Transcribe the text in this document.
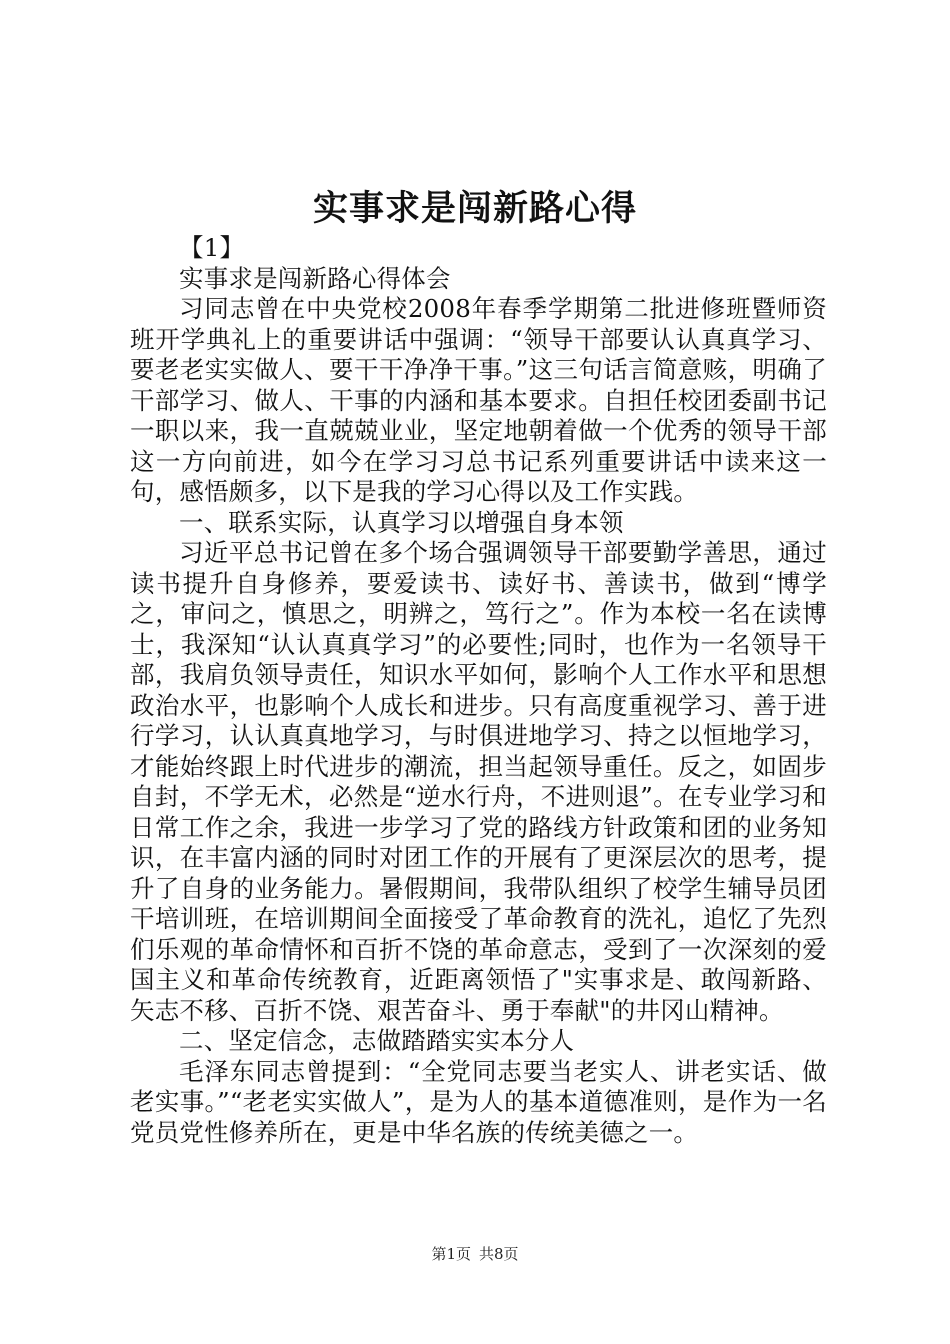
实事求是闯新路心得

【1】

实事求是闯新路心得体会

习同志曾在中央党校2008年春季学期第二批进修班暨师资班开学典礼上的重要讲话中强调：“领导干部要认认真真学习、要老老实实做人、要干干净净干事。”这三句话言简意赅，明确了干部学习、做人、干事的内涵和基本要求。自担任校团委副书记一职以来，我一直兢兢业业，坚定地朝着做一个优秀的领导干部这一方向前进，如今在学习习总书记系列重要讲话中读来这一句，感悟颇多，以下是我的学习心得以及工作实践。

一、联系实际，认真学习以增强自身本领

习近平总书记曾在多个场合强调领导干部要勤学善思，通过读书提升自身修养，要爱读书、读好书、善读书，做到“博学之，审问之，慎思之，明辨之，笃行之”。作为本校一名在读博士，我深知“认认真真学习”的必要性;同时，也作为一名领导干部，我肩负领导责任，知识水平如何，影响个人工作水平和思想政治水平，也影响个人成长和进步。只有高度重视学习、善于进行学习，认认真真地学习，与时俱进地学习、持之以恒地学习，才能始终跟上时代进步的潮流，担当起领导重任。反之，如固步自封，不学无术，必然是“逆水行舟，不进则退”。在专业学习和日常工作之余，我进一步学习了党的路线方针政策和团的业务知识，在丰富内涵的同时对团工作的开展有了更深层次的思考，提升了自身的业务能力。暑假期间，我带队组织了校学生辅导员团干培训班，在培训期间全面接受了革命教育的洗礼，追忆了先烈们乐观的革命情怀和百折不饶的革命意志，受到了一次深刻的爱国主义和革命传统教育，近距离领悟了"实事求是、敢闯新路、矢志不移、百折不饶、艰苦奋斗、勇于奉献"的井冈山精神。

二、坚定信念，志做踏踏实实本分人

毛泽东同志曾提到：“全党同志要当老实人、讲老实话、做老实事。”“老老实实做人”，是为人的基本道德准则，是作为一名党员党性修养所在，更是中华名族的传统美德之一。

第1页 共8页
